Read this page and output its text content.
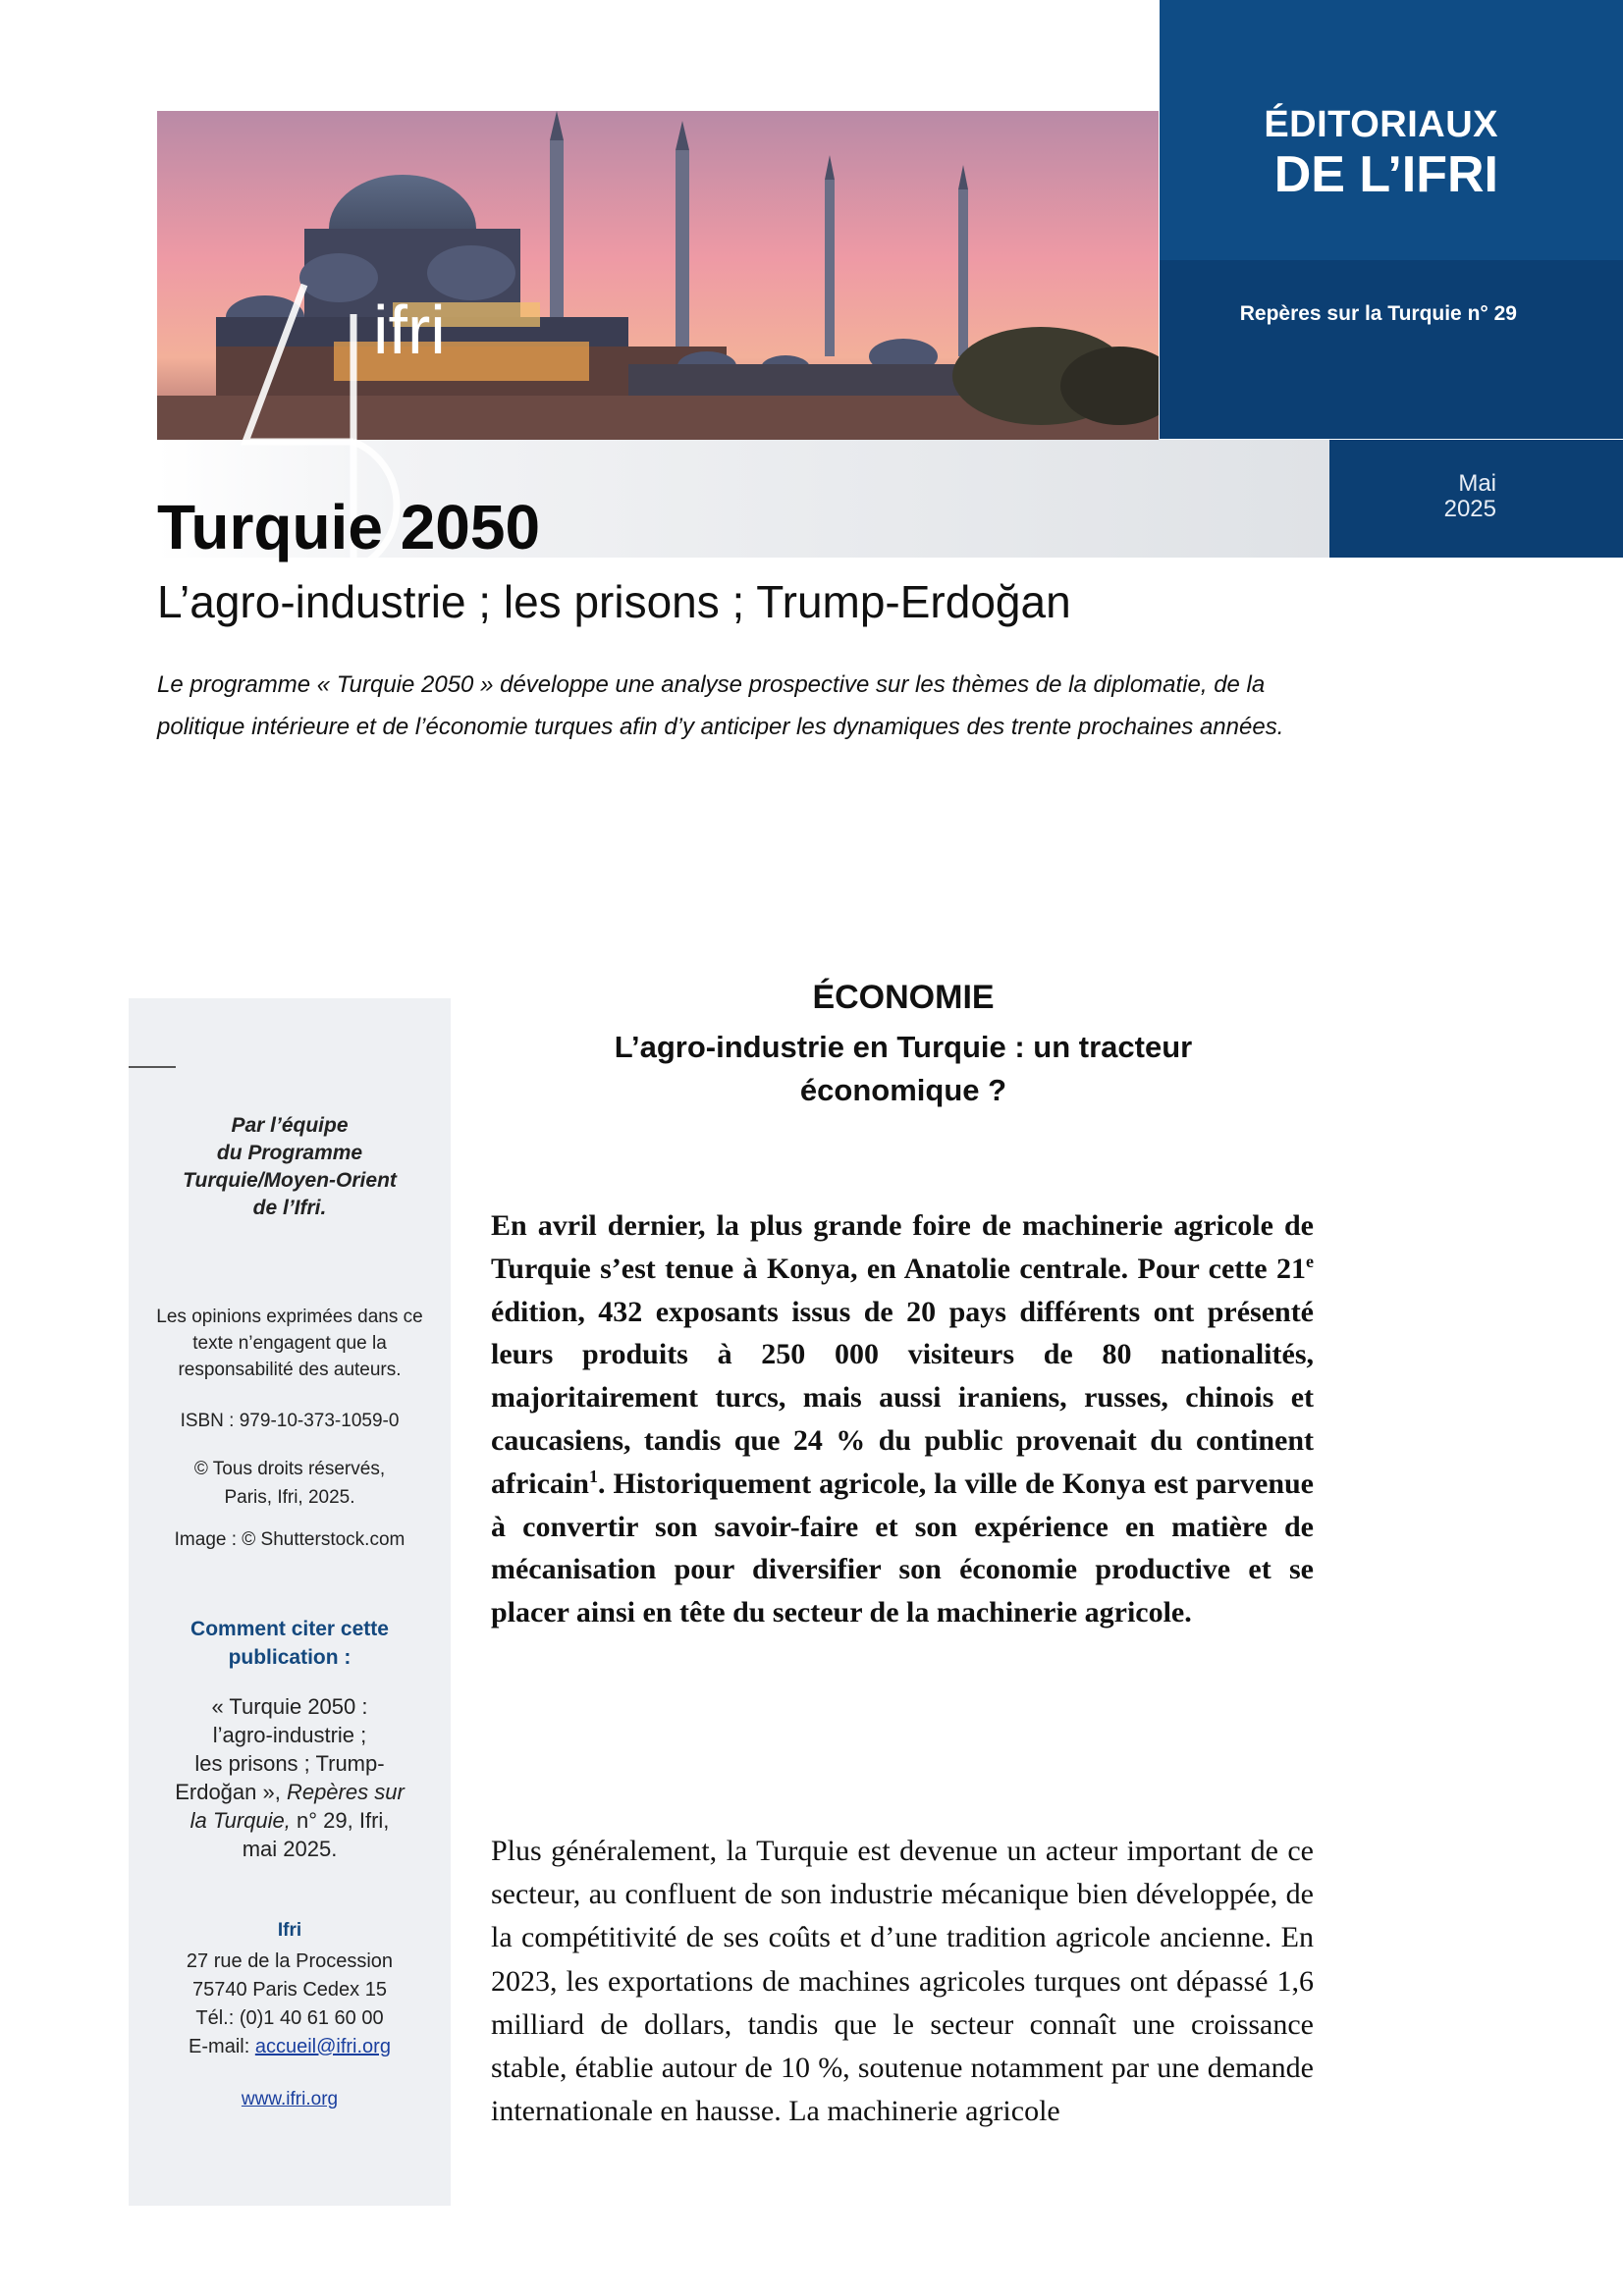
ifri
ÉDITORIAUX
DE L’IFRI
Repères sur la Turquie n° 29
Mai
2025
Turquie 2050
L’agro-industrie ; les prisons ; Trump-Erdoğan
Le programme « Turquie 2050 » développe une analyse prospective sur les thèmes de la diplomatie, de la politique intérieure et de l’économie turques afin d’y anticiper les dynamiques des trente prochaines années.
Par l’équipe
du Programme
Turquie/Moyen-Orient
de l’Ifri.
Les opinions exprimées dans ce texte n’engagent que la responsabilité des auteurs.
ISBN : 979-10-373-1059-0
© Tous droits réservés,
Paris, Ifri, 2025.
Image : © Shutterstock.com
Comment citer cette
publication :
« Turquie 2050 :
l’agro-industrie ;
les prisons ; Trump-
Erdoğan », Repères sur
la Turquie, n° 29, Ifri,
mai 2025.
Ifri
27 rue de la Procession
75740 Paris Cedex 15
Tél.: (0)1 40 61 60 00
E-mail: accueil@ifri.org
www.ifri.org
ÉCONOMIE
L’agro-industrie en Turquie : un tracteur
économique ?
En avril dernier, la plus grande foire de machinerie agricole de Turquie s’est tenue à Konya, en Anatolie centrale. Pour cette 21e édition, 432 exposants issus de 20 pays différents ont présenté leurs produits à 250 000 visiteurs de 80 nationalités, majoritairement turcs, mais aussi iraniens, russes, chinois et caucasiens, tandis que 24 % du public provenait du continent africain$^1$. Historiquement agricole, la ville de Konya est parvenue à convertir son savoir-faire et son expérience en matière de mécanisation pour diversifier son économie productive et se placer ainsi en tête du secteur de la machinerie agricole.
Plus généralement, la Turquie est devenue un acteur important de ce secteur, au confluent de son industrie mécanique bien développée, de la compétitivité de ses coûts et d’une tradition agricole ancienne. En 2023, les exportations de machines agricoles turques ont dépassé 1,6 milliard de dollars, tandis que le secteur connaît une croissance stable, établie autour de 10 %, soutenue notamment par une demande internationale en hausse. La machinerie agricole
